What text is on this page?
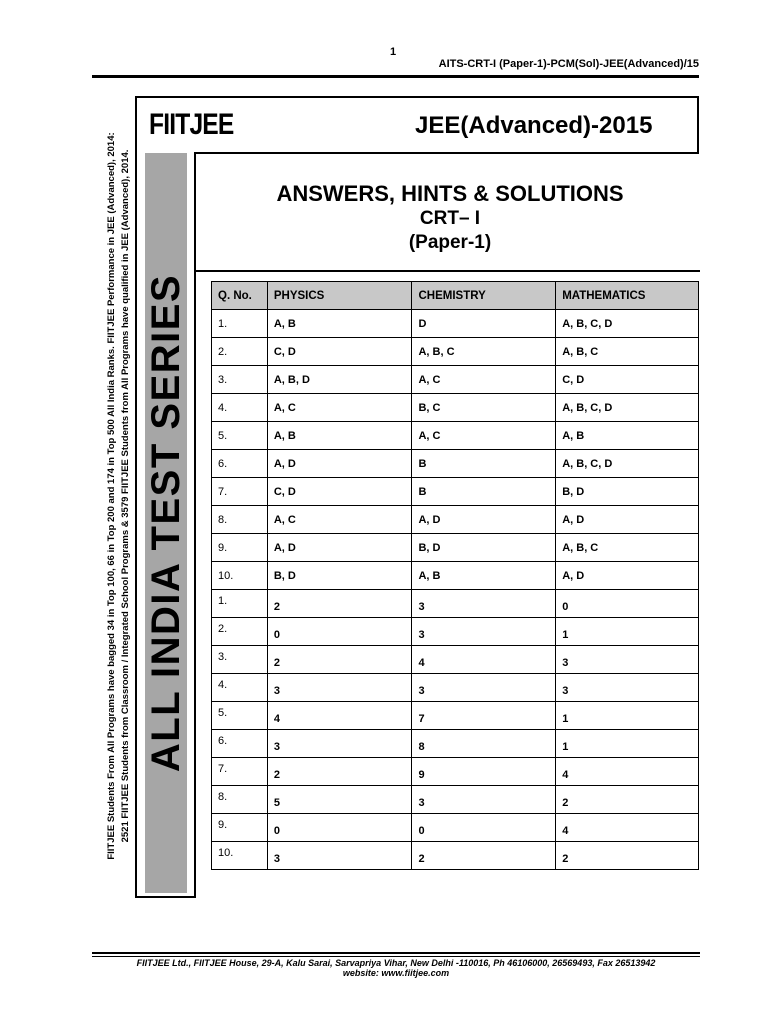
1
AITS-CRT-I (Paper-1)-PCM(Sol)-JEE(Advanced)/15
FIITJEE Students From All Programs have bagged 34 in Top 100, 66 in Top 200 and 174 in Top 500 All India Ranks. FIITJEE Performance in JEE (Advanced), 2014: 2521 FIITJEE Students from Classroom / Integrated School Programs & 3579 FIITJEE Students from All Programs have qualified in JEE (Advanced), 2014.
FIITJEE	JEE(Advanced)-2015
ALL INDIA TEST SERIES
ANSWERS, HINTS & SOLUTIONS
CRT– I
(Paper-1)
Q. No.	PHYSICS	CHEMISTRY	MATHEMATICS
1.	A, B	D	A, B, C, D
2.	C, D	A, B, C	A, B, C
3.	A, B, D	A, C	C, D
4.	A, C	B, C	A, B, C, D
5.	A, B	A, C	A, B
6.	A, D	B	A, B, C, D
7.	C, D	B	B, D
8.	A, C	A, D	A, D
9.	A, D	B, D	A, B, C
10.	B, D	A, B	A, D
1.	2	3	0
2.	0	3	1
3.	2	4	3
4.	3	3	3
5.	4	7	1
6.	3	8	1
7.	2	9	4
8.	5	3	2
9.	0	0	4
10.	3	2	2
FIITJEE Ltd., FIITJEE House, 29-A, Kalu Sarai, Sarvapriya Vihar, New Delhi -110016, Ph 46106000, 26569493, Fax 26513942
website: www.fiitjee.com
